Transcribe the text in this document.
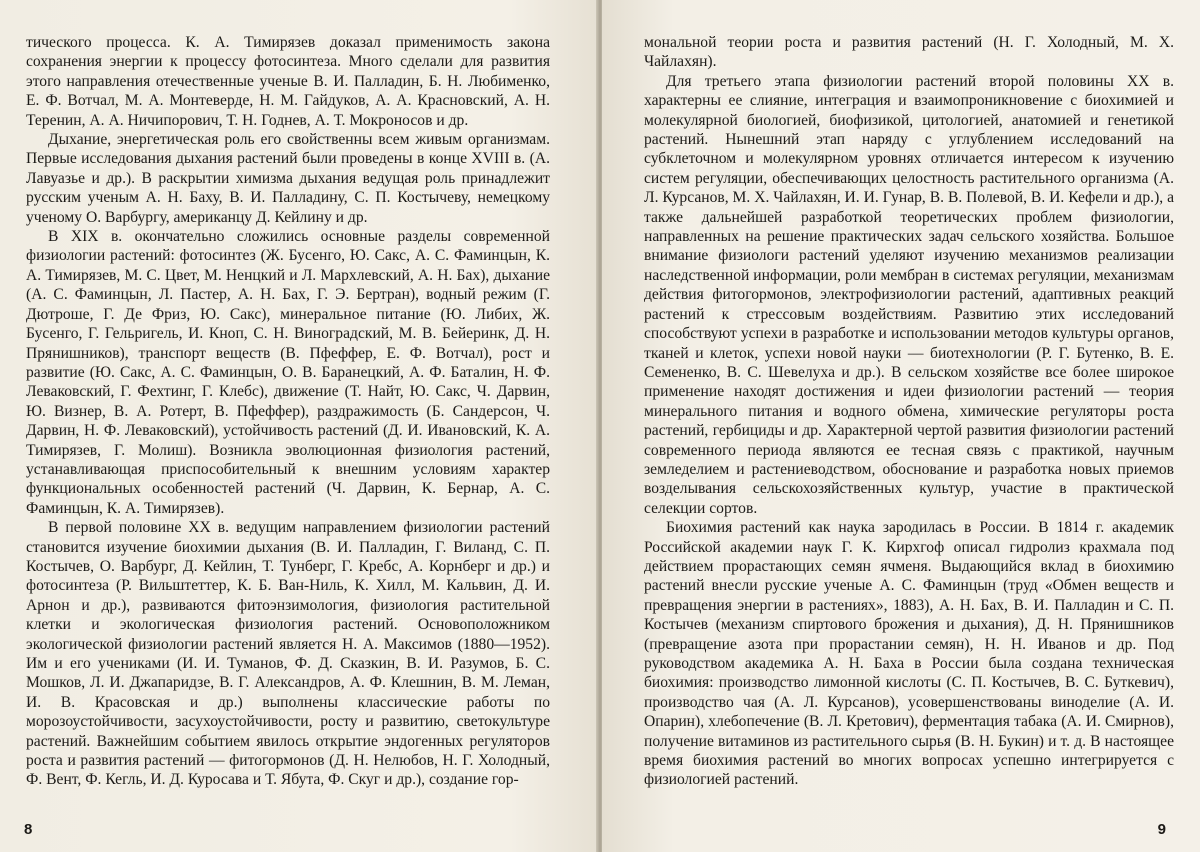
тического процесса. К. А. Тимирязев доказал применимость закона сохранения энергии к процессу фотосинтеза. Много сделали для развития этого направления отечественные ученые В. И. Палладин, Б. Н. Любименко, Е. Ф. Вотчал, М. А. Монтеверде, Н. М. Гайдуков, А. А. Красновский, А. Н. Теренин, А. А. Ничипорович, Т. Н. Годнев, А. Т. Мокроносов и др.

Дыхание, энергетическая роль его свойственны всем живым организмам. Первые исследования дыхания растений были проведены в конце XVIII в. (А. Лавуазье и др.). В раскрытии химизма дыхания ведущая роль принадлежит русским ученым А. Н. Баху, В. И. Палладину, С. П. Костычеву, немецкому ученому О. Варбургу, американцу Д. Кейлину и др.

В XIX в. окончательно сложились основные разделы современной физиологии растений: фотосинтез (Ж. Бусенго, Ю. Сакс, А. С. Фаминцын, К. А. Тимирязев, М. С. Цвет, М. Ненцкий и Л. Мархлевский, А. Н. Бах), дыхание (А. С. Фаминцын, Л. Пастер, А. Н. Бах, Г. Э. Бертран), водный режим (Г. Дютроше, Г. Де Фриз, Ю. Сакс), минеральное питание (Ю. Либих, Ж. Бусенго, Г. Гельригель, И. Кноп, С. Н. Виноградский, М. В. Бейеринк, Д. Н. Прянишников), транспорт веществ (В. Пфеффер, Е. Ф. Вотчал), рост и развитие (Ю. Сакс, А. С. Фаминцын, О. В. Баранецкий, А. Ф. Баталин, Н. Ф. Леваковский, Г. Фехтинг, Г. Клебс), движение (Т. Найт, Ю. Сакс, Ч. Дарвин, Ю. Визнер, В. А. Ротерт, В. Пфеффер), раздражимость (Б. Сандерсон, Ч. Дарвин, Н. Ф. Леваковский), устойчивость растений (Д. И. Ивановский, К. А. Тимирязев, Г. Молиш). Возникла эволюционная физиология растений, устанавливающая приспособительный к внешним условиям характер функциональных особенностей растений (Ч. Дарвин, К. Бернар, А. С. Фаминцын, К. А. Тимирязев).

В первой половине XX в. ведущим направлением физиологии растений становится изучение биохимии дыхания (В. И. Палладин, Г. Виланд, С. П. Костычев, О. Варбург, Д. Кейлин, Т. Тунберг, Г. Кребс, А. Корнберг и др.) и фотосинтеза (Р. Вильштеттер, К. Б. Ван-Ниль, К. Хилл, М. Кальвин, Д. И. Арнон и др.), развиваются фитоэнзимология, физиология растительной клетки и экологическая физиология растений. Основоположником экологической физиологии растений является Н. А. Максимов (1880—1952). Им и его учениками (И. И. Туманов, Ф. Д. Сказкин, В. И. Разумов, Б. С. Мошков, Л. И. Джапаридзе, В. Г. Александров, А. Ф. Клешнин, В. М. Леман, И. В. Красовская и др.) выполнены классические работы по морозоустойчивости, засухоустойчивости, росту и развитию, светокультуре растений. Важнейшим событием явилось открытие эндогенных регуляторов роста и развития растений — фитогормонов (Д. Н. Нелюбов, Н. Г. Холодный, Ф. Вент, Ф. Кегль, И. Д. Куросава и Т. Ябута, Ф. Скуг и др.), создание гор-

8

мональной теории роста и развития растений (Н. Г. Холодный, М. Х. Чайлахян).

Для третьего этапа физиологии растений второй половины XX в. характерны ее слияние, интеграция и взаимопроникновение с биохимией и молекулярной биологией, биофизикой, цитологией, анатомией и генетикой растений. Нынешний этап наряду с углублением исследований на субклеточном и молекулярном уровнях отличается интересом к изучению систем регуляции, обеспечивающих целостность растительного организма (А. Л. Курсанов, М. Х. Чайлахян, И. И. Гунар, В. В. Полевой, В. И. Кефели и др.), а также дальнейшей разработкой теоретических проблем физиологии, направленных на решение практических задач сельского хозяйства. Большое внимание физиологи растений уделяют изучению механизмов реализации наследственной информации, роли мембран в системах регуляции, механизмам действия фитогормонов, электрофизиологии растений, адаптивных реакций растений к стрессовым воздействиям. Развитию этих исследований способствуют успехи в разработке и использовании методов культуры органов, тканей и клеток, успехи новой науки — биотехнологии (Р. Г. Бутенко, В. Е. Семененко, В. С. Шевелуха и др.). В сельском хозяйстве все более широкое применение находят достижения и идеи физиологии растений — теория минерального питания и водного обмена, химические регуляторы роста растений, гербициды и др. Характерной чертой развития физиологии растений современного периода являются ее тесная связь с практикой, научным земледелием и растениеводством, обоснование и разработка новых приемов возделывания сельскохозяйственных культур, участие в практической селекции сортов.

Биохимия растений как наука зародилась в России. В 1814 г. академик Российской академии наук Г. К. Кирхгоф описал гидролиз крахмала под действием прорастающих семян ячменя. Выдающийся вклад в биохимию растений внесли русские ученые А. С. Фаминцын (труд «Обмен веществ и превращения энергии в растениях», 1883), А. Н. Бах, В. И. Палладин и С. П. Костычев (механизм спиртового брожения и дыхания), Д. Н. Прянишников (превращение азота при прорастании семян), Н. Н. Иванов и др. Под руководством академика А. Н. Баха в России была создана техническая биохимия: производство лимонной кислоты (С. П. Костычев, В. С. Буткевич), производство чая (А. Л. Курсанов), усовершенствованы виноделие (А. И. Опарин), хлебопечение (В. Л. Кретович), ферментация табака (А. И. Смирнов), получение витаминов из растительного сырья (В. Н. Букин) и т. д. В настоящее время биохимия растений во многих вопросах успешно интегрируется с физиологией растений.

9
